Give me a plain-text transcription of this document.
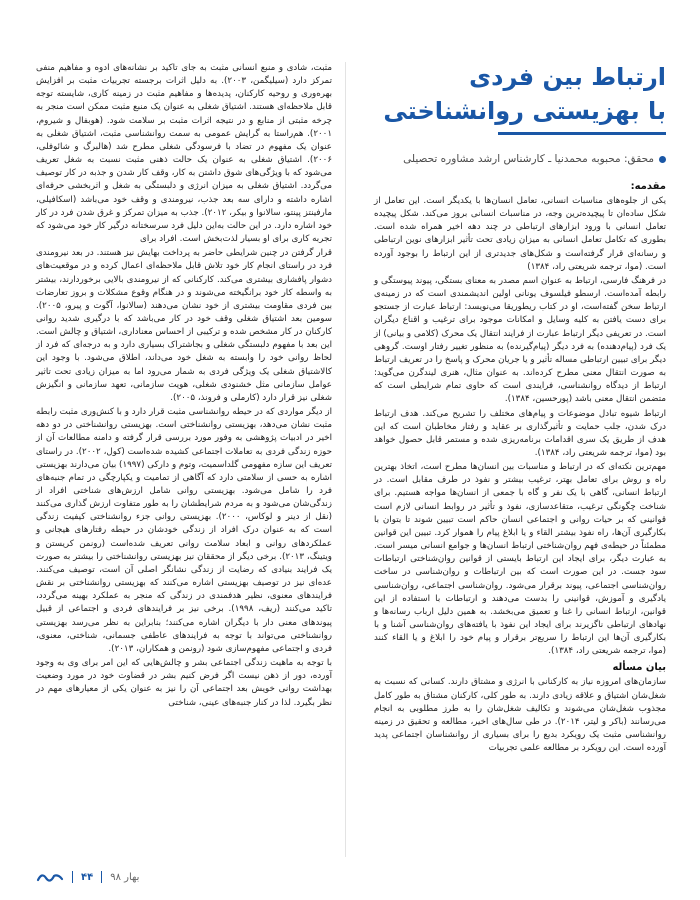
ارتباط بین فردی
با بهزیستی روانشناختی
محقق: محبوبه محمدنیا ـ کارشناس ارشد مشاوره تحصیلی
مقدمه:

یکی از جلوه‌های مناسبات انسانی، تعامل انسان‌ها با یکدیگر است. این تعامل از شکل ساده‌ان تا پیچیده‌ترین وجه، در مناسبات انسانی بروز می‌کند. شکل پیچیده تعامل انسانی با ورود ابزارهای ارتباطی در چند دهه‌ اخیر همراه شده است. بطوری که تکامل تعامل انسانی به میزان زیادی تحت تأثیر ابزارهای نوین ارتباطی و رسانه‌ای قرار گرفته‌است و شکل‌های جدیدتری از این ارتباط را بوجود آورده است. (موا، ترجمه شریعتی راد، ۱۳۸۴)

در فرهنگ فارسی، ارتباط به عنوان اسم مصدر به معنای بستگی، پیوند پیوستگی و رابطه آمده‌است. ارسطو فیلسوف یونانی اولین اندیشمندی است که در زمینه‌ی ارتباط سخن گفته‌است، او در کتاب ریطوریقا می‌نویسد: ارتباط عبارت از جستجو برای دست یافتن به کلیه وسایل و امکانات موجود برای ترغیب و اقناع دیگران است. در تعریفی دیگر ارتباط عبارت از فرایند انتقال یک محرک (کلامی و بیانی) از یک فرد (پیام‌دهنده) به فرد دیگر (پیام‌گیرنده) به منظور تغییر رفتار اوست. گروهی دیگر برای تبیین ارتباطی مساله تأثیر و یا جریان محرک و پاسخ را در تعریف ارتباط به صورت انتقال معنی مطرح کرده‌اند. به عنوان مثال، هنری لیندگرن می‌گوید: ارتباط از دیدگاه روانشناسی، فرایندی است که حاوی تمام شرایطی است که متضمن انتقال معنی باشد (پورحسین، ۱۳۸۴).

ارتباط شیوه تبادل موضوعات و پیام‌های مختلف را تشریح می‌کند. هدف ارتباط درک شدن، جلب حمایت و تأثیرگذاری بر عقاید و رفتار مخاطبان است که این هدف از طریق یک سری اقدامات برنامه‌ریزی شده و مستمر قابل حصول خواهد بود (موا، ترجمه شریعتی راد، ۱۳۸۴).

مهم‌ترین نکته‌ای که در ارتباط و مناسبات بین انسان‌ها مطرح است، اتخاذ بهترین راه و روش برای تعامل بهتر، ترغیب بیشتر و نفوذ در طرف مقابل است. در ارتباط انسانی، گاهی با یک نفر و گاه با جمعی از انسان‌ها مواجه هستیم. برای شناخت چگونگی ترغیب، متقاعدسازی، نفوذ و تأثیر در روابط انسانی لازم است قوانینی که بر حیات روانی و اجتماعی انسان حاکم است تبیین شوند تا بتوان با بکارگیری آن‌ها، راه نفوذ بیشتر القاء و یا ابلاغ پیام را هموار کرد. تبیین این قوانین مطمئناً در حیطه‌ی فهم روان‌شناختی ارتباط انسان‌ها و جوامع انسانی میسر است. به عبارت دیگر، برای ایجاد این ارتباط بایستی از قوانین روان‌شناختی ارتباطات سود جست. در این صورت است که بین ارتباطات و روان‌شناسی در ساخت روان‌شناسی اجتماعی، پیوند برقرار می‌شود. روان‌شناسی اجتماعی، روان‌شناسی یادگیری و آموزش، قوانینی را بدست می‌دهند و ارتباطات با استفاده از این قوانین، ارتباط انسانی را غنا و تعمیق می‌بخشد. به همین دلیل ارباب رسانه‌ها و نهادهای ارتباطی ناگزیرند برای ایجاد این نفوذ با یافته‌های روان‌شناسی آشنا و با بکارگیری آن‌ها این ارتباط را سریع‌تر برقرار و پیام خود را ابلاغ و یا القاء کنند (موا، ترجمه شریعتی راد، ۱۳۸۴).

بیان مسأله

سازمان‌های امروزه نیاز به کارکنانی با انرژی و مشتاق دارند. کسانی که نسبت به شغل‌شان اشتیاق و علاقه زیادی دارند. به طور کلی، کارکنان مشتاق به طور کامل مجذوب شغل‌شان می‌شوند و تکالیف شغل‌شان را به طرز مطلوبی به انجام می‌رسانند (باکر و لیتر، ۲۰۱۴). در طی سال‌های اخیر، مطالعه و تحقیق در زمینه روانشناسی مثبت یک رویکرد بدیع را برای بسیاری از روانشناسان اجتماعی پدید آورده است. این رویکرد بر مطالعه علمی تجربیات

مثبت، شادی و منبع انسانی مثبت به جای تاکید بر نشانه‌های ادوه و مفاهیم منفی تمرکز دارد (سیلیگمن، ۲۰۰۳). به دلیل اثرات برجسته تجربیات مثبت بر افزایش بهره‌وری و روحیه کارکنان، پدیده‌ها و مفاهیم مثبت در زمینه کاری، شایسته توجه قابل ملاحظه‌ای هستند. اشتیاق شغلی به عنوان یک منبع مثبت ممکن است منجر به چرخه مثبتی از منابع و در نتیجه اثرات مثبت بر سلامت شود. (هوبفال و شیروم، ۲۰۰۱). هم‌راستا به گرایش عمومی به سمت روانشناسی مثبت، اشتیاق شغلی به عنوان یک مفهوم در تضاد با فرسودگی شغلی مطرح شد (هالبرگ و شائوفلی، ۲۰۰۶). اشتیاق شغلی به عنوان یک حالت ذهنی مثبت نسبت به شغل تعریف می‌شود که با ویژگی‌های شوق داشتن به کار، وقف کار شدن و جذبه در کار توصیف می‌گردد. اشتیاق شغلی به میزان انرژی و دلبستگی به شغل و اثربخشی حرفه‌ای اشاره داشته و دارای سه بعد جذب، نیرومندی و وقف خود می‌باشد (اسکافیلی، مارفینتز پینتو، سالانوا و بیکر، ۲۰۱۲). جذب به میزان تمرکز و غرق شدن فرد در کار خود اشاره دارد. در این حالت به‌این دلیل فرد سرسختانه درگیر کار خود می‌شود که تجربه کاری برای او بسیار لذت‌بخش است. افراد برای

قرار گرفتن در چنین شرایطی حاضر به پرداخت بهایش نیز هستند. در بعد نیرومندی فرد در راستای انجام کار خود تلاش قابل ملاحظه‌ای اعمال کرده و در موقعیت‌های دشوار پافشاری بیشتری می‌کند. کارکنانی که از نیرومندی بالایی برخوردارند، بیشتر به واسطه کار خود برانگیخته می‌شوند و در هنگام وقوع مشکلات و بروز تعارضات بین فردی مقاومت بیشتری از خود نشان می‌دهند (سالانوا، آگوت و پیرو، ۲۰۰۵). سومین بعد اشتیاق شغلی وقف خود در کار می‌باشد که با درگیری شدید روانی کارکنان در کار مشخص شده و ترکیبی از احساس معناداری، اشتیاق و چالش است. این بعد با مفهوم دلبستگی شغلی و بجاشتراک بسیاری دارد و به درجه‌ای که فرد از لحاظ روانی خود را وابسته به شغل خود می‌داند، اطلاق می‌شود. با وجود این کالاشتیاق شغلی یک ویژگی فردی به شمار می‌رود اما به میزان زیادی تحت تاثیر عوامل سازمانی مثل خشنودی شغلی، هویت سازمانی، تعهد سازمانی و انگیزش شغلی نیز قرار دارد (کارملی و فرونذ، ۲۰۰۵).

از دیگر مواردی که در حیطه روانشناسی مثبت قرار دارد و با کنش‌وری مثبت رابطه مثبت نشان می‌دهد، بهزیستی روانشناختی است. بهزیستی روانشناختی در دو دهه اخیر در ادبیات پژوهشی به وفور مورد بررسی قرار گرفته و دامنه مطالعات آن از حوزه زندگی فردی به تعاملات اجتماعی کشیده شده‌است (کول، ۲۰۰۲). در راستای تعریف این سازه مفهومی گلداسمیت، وتوم و دارکی (۱۹۹۷) بیان می‌دارند بهزیستی اشاره به حسی از سلامتی دارد که آگاهی از تمامیت و یکپارچگی در تمام جنبه‌های فرد را شامل می‌شود. بهزیستی روانی شامل ارزش‌های شناختی افراد از زندگی‌شان می‌شود و به مردم شرایطشان را به طور متفاوت ارزش گذاری می‌کنند (نقل از دینر و لوکاس، ۲۰۰۰). بهزیستی روانی جزء روانشناختی کیفیت زندگی است که به عنوان درک افراد از زندگی خودشان در حیطه رفتارهای هیجانی و عملکردهای روانی و ابعاد سلامت روانی تعریف شده‌است (رونمن کریستن و ویتینگ، ۲۰۱۳). برخی دیگر از محققان نیز بهزیستی روانشناختی را بیشتر به صورت یک فرایند بنیادی که رضایت از زندگی نشانگر اصلی آن است، توصیف می‌کنند. عده‌ای نیز در توصیف بهزیستی اشاره می‌کنند که بهزیستی روانشناختی بر نقش فرایندهای معنوی، نظیر هدفمندی در زندگی که منجر به عملکرد بهینه می‌گردد، تاکید می‌کنند (ریف، ۱۹۹۸). برخی نیز بر فرایندهای فردی و اجتماعی از قبیل پیوندهای معنی دار با دیگران اشاره می‌کنند؛ بنابراین به نظر می‌رسد بهزیستی روانشناختی می‌تواند با توجه به فرایندهای عاطفی جسمانی، شناختی، معنوی، فردی و اجتماعی مفهوم‌سازی شود (رونمن و همکاران، ۲۰۱۳).

با توجه به ماهیت زندگی اجتماعی بشر و چالش‌هایی که این امر برای وی به وجود آورده، دور از ذهن نیست اگر فرض کنیم بشر در قضاوت خود در مورد وضعیت بهداشت روانی خویش بعد اجتماعی آن را نیز به عنوان یکی از معیارهای مهم در نظر بگیرد. لذا در کنار جنبه‌های عینی، شناختی

۴۴ بهار ۹۸
